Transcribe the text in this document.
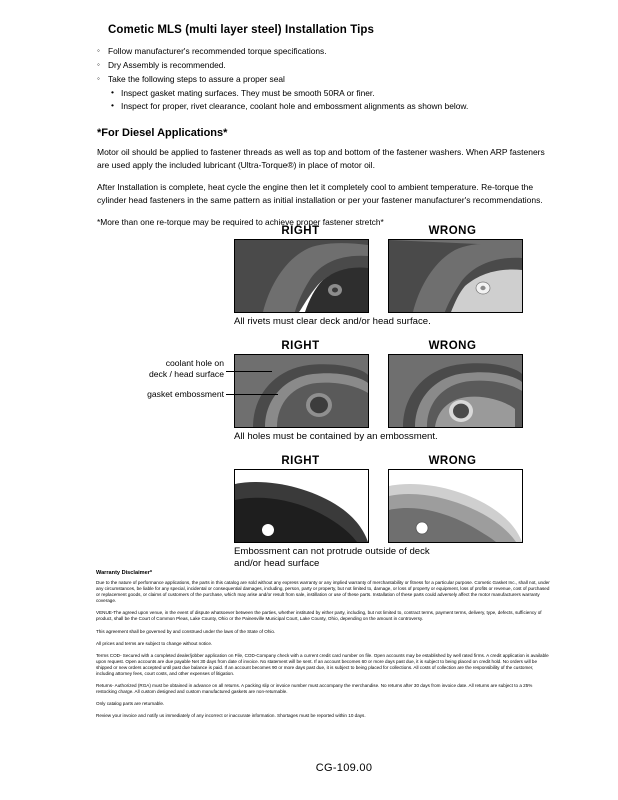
Cometic MLS (multi layer steel) Installation Tips
◦ Follow manufacturer's recommended torque specifications.
◦ Dry Assembly is recommended.
◦ Take the following steps to assure a proper seal
• Inspect gasket mating surfaces. They must be smooth 50RA or finer.
• Inspect for proper, rivet clearance, coolant hole and embossment alignments as shown below.
*For Diesel Applications*

Motor oil should be applied to fastener threads as well as top and bottom of the fastener washers. When ARP fasteners are used apply the included lubricant (Ultra-Torque®) in place of motor oil.

After Installation is complete, heat cycle the engine then let it completely cool to ambient temperature. Re-torque the cylinder head fasteners in the same pattern as initial installation or per your fastener manufacturer's recommendations.

*More than one re-torque may be required to achieve proper fastener stretch*

RIGHT	WRONG
All rivets must clear deck and/or head surface.
RIGHT	WRONG
All holes must be contained by an embossment.
coolant hole on
deck / head surface
gasket embossment
RIGHT	WRONG
Embossment can not protrude outside of deck
and/or head surface
Warranty Disclaimer*

Due to the nature of performance applications, the parts in this catalog are sold without any express warranty or any implied warranty of merchantability or fitness for a particular purpose. Cometic Gasket Inc., shall not, under any circumstances, be liable for any special, incidental or consequential damages, including, person, party or property, but not limited to, damage, or loss of property or equipment, loss of profits or revenue, cost of purchased or replacement goods, or claims of customers of the purchase, which may arise and/or result from sale, instillation or use of these parts. Installation of these parts could adversely affect the motor manufacturers warranty coverage.

VENUE-The agreed upon venue, in the event of dispute whatsoever between the parties, whether instituted by either party, including, but not limited to, contract terms, payment terms, delivery, type, defects, sufficiency of product, shall be the Court of Common Pleas, Lake County, Ohio or the Painesville Municipal Court, Lake County, Ohio, depending on the amount in controversy.

This agreement shall be governed by and construed under the laws of the State of Ohio.

All prices and terms are subject to change without notice.

Terms COD- Secured with a completed dealer/jobber application on File, COD-Company check with a current credit card number on file. Open accounts may be established by well rated firms. A credit application is available upon request. Open accounts are due payable Net 30 days from date of invoice. No statement will be sent. If an account becomes 60 or more days past due, it is subject to being placed on credit hold. No orders will be shipped or new orders accepted until past due balance is paid. If an account becomes 90 or more days past due, it is subject to being placed for collections. All costs of collection are the responsibility of the customer, including attorney fees, court costs, and other expenses of litigation.

Returns- Authorized (RGA) must be obtained in advance on all returns. A packing slip or invoice number must accompany the merchandise. No returns after 30 days from invoice date. All returns are subject to a 25% restocking charge. All custom designed and custom manufactured gaskets are non-returnable.

Only catalog parts are returnable.

Review your invoice and notify us immediately of any incorrect or inaccurate information. Shortages must be reported within 10 days.

CG-109.00
